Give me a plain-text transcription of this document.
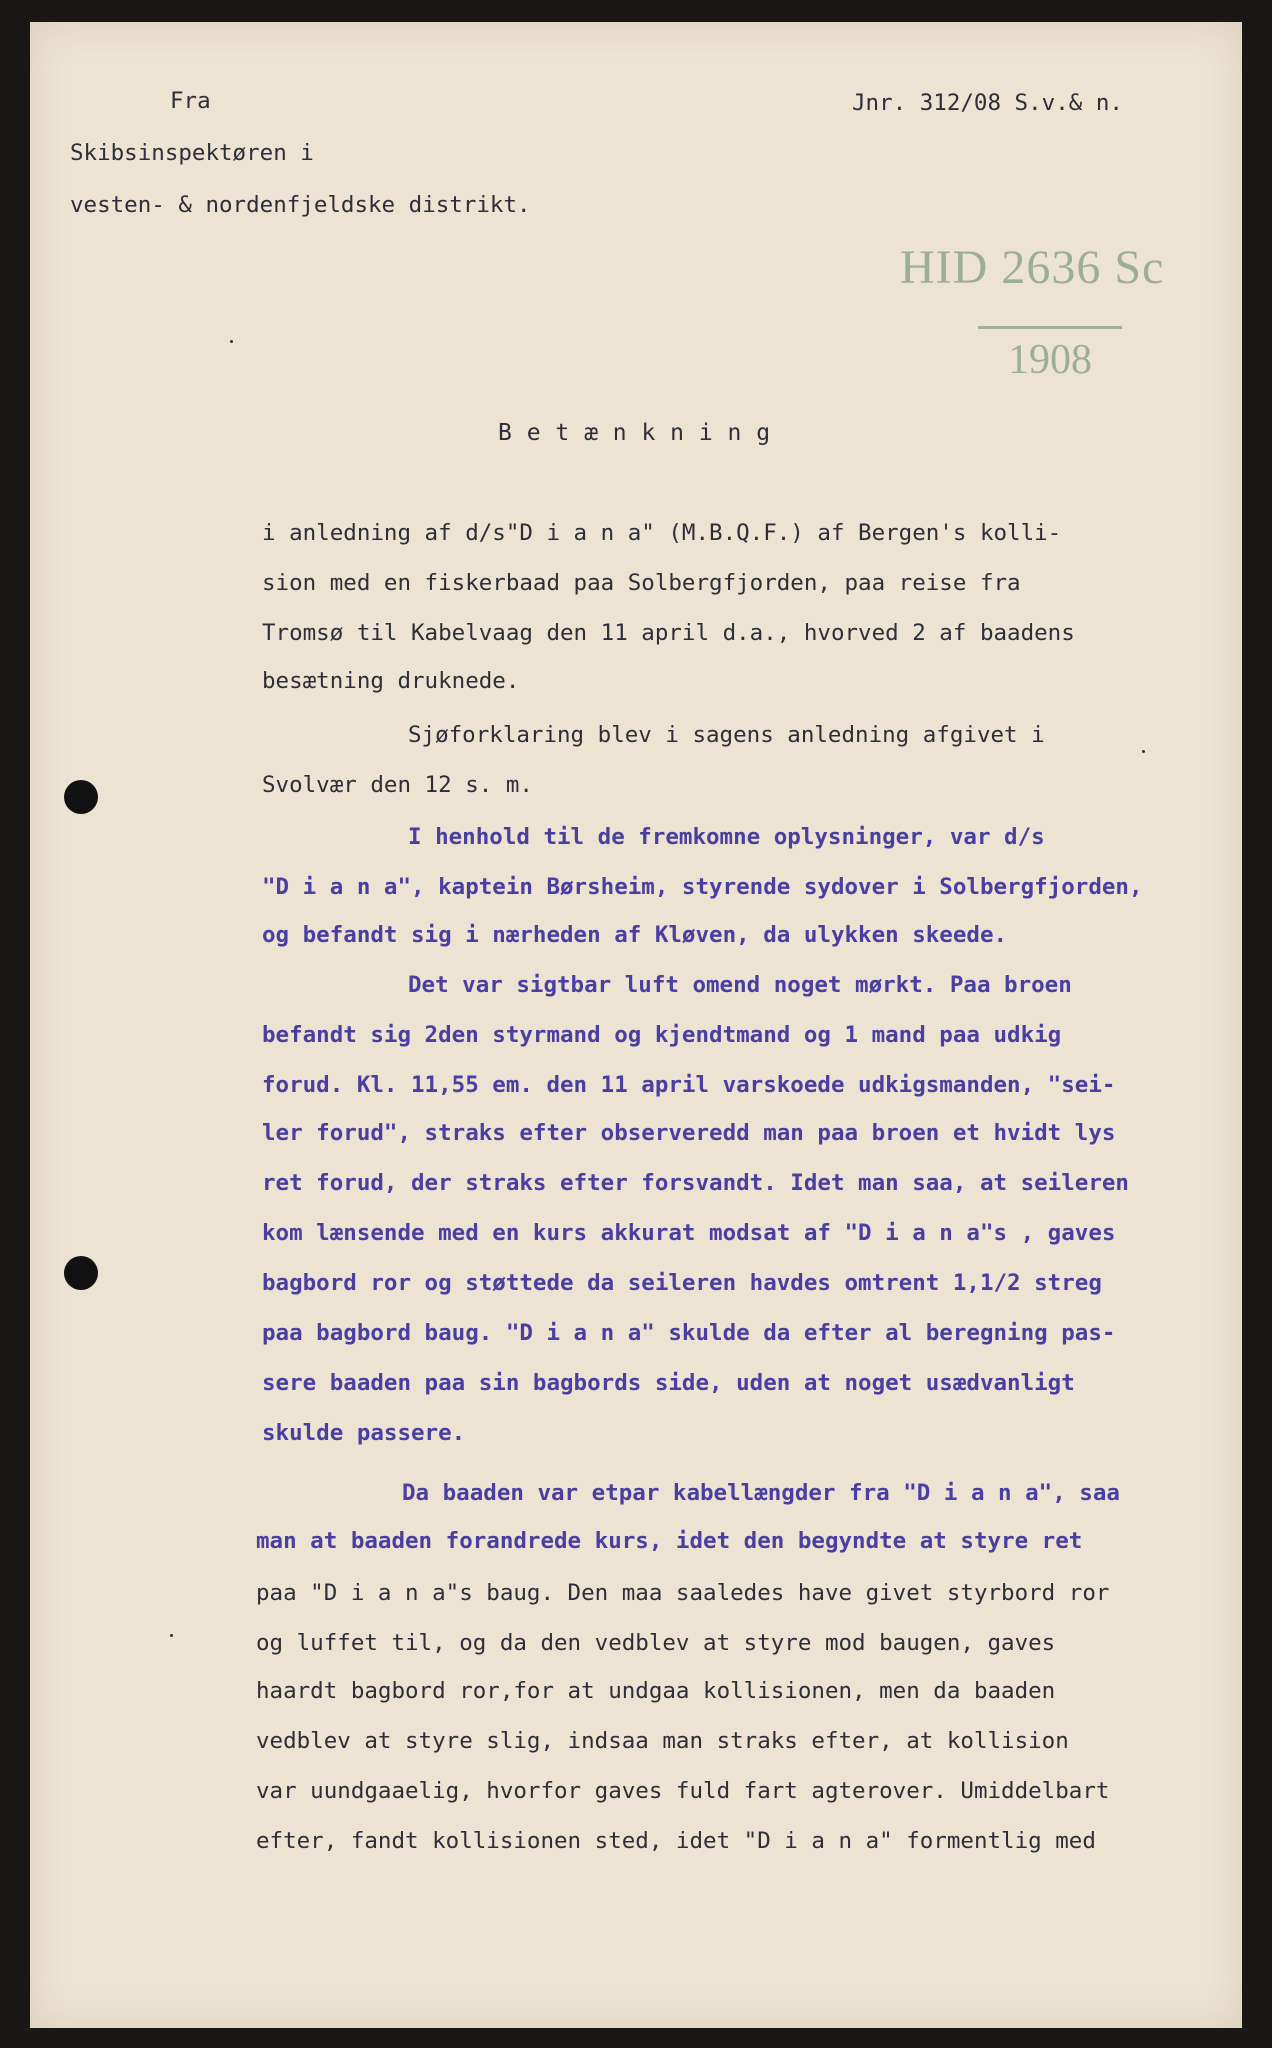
Fra	Jnr. 312/08 S.v.& n.
Skibsinspektøren i
vesten- & nordenfjeldske distrikt.
HID 2636 Sc
1908
B e t æ n k n i n g
i anledning af d/s"D i a n a" (M.B.Q.F.) af Bergen's kolli-
sion med en fiskerbaad paa Solbergfjorden, paa reise fra
Tromsø til Kabelvaag den 11 april d.a., hvorved 2 af baadens
besætning druknede.
Sjøforklaring blev i sagens anledning afgivet i
Svolvær den 12 s. m.
I henhold til de fremkomne oplysninger, var d/s
"D i a n a", kaptein Børsheim, styrende sydover i Solbergfjorden,
og befandt sig i nærheden af Kløven, da ulykken skeede.
Det var sigtbar luft omend noget mørkt. Paa broen
befandt sig 2den styrmand og kjendtmand og 1 mand paa udkig
forud. Kl. 11,55 em. den 11 april varskoede udkigsmanden, "sei-
ler forud", straks efter observeredd man paa broen et hvidt lys
ret forud, der straks efter forsvandt. Idet man saa, at seileren
kom lænsende med en kurs akkurat modsat af "D i a n a"s , gaves
bagbord ror og støttede da seileren havdes omtrent 1,1/2 streg
paa bagbord baug. "D i a n a" skulde da efter al beregning pas-
sere baaden paa sin bagbords side, uden at noget usædvanligt
skulde passere.
Da baaden var etpar kabellængder fra "D i a n a", saa
man at baaden forandrede kurs, idet den begyndte at styre ret
paa "D i a n a"s baug. Den maa saaledes have givet styrbord ror
og luffet til, og da den vedblev at styre mod baugen, gaves
haardt bagbord ror,for at undgaa kollisionen, men da baaden
vedblev at styre slig, indsaa man straks efter, at kollision
var uundgaaelig, hvorfor gaves fuld fart agterover. Umiddelbart
efter, fandt kollisionen sted, idet "D i a n a" formentlig med
